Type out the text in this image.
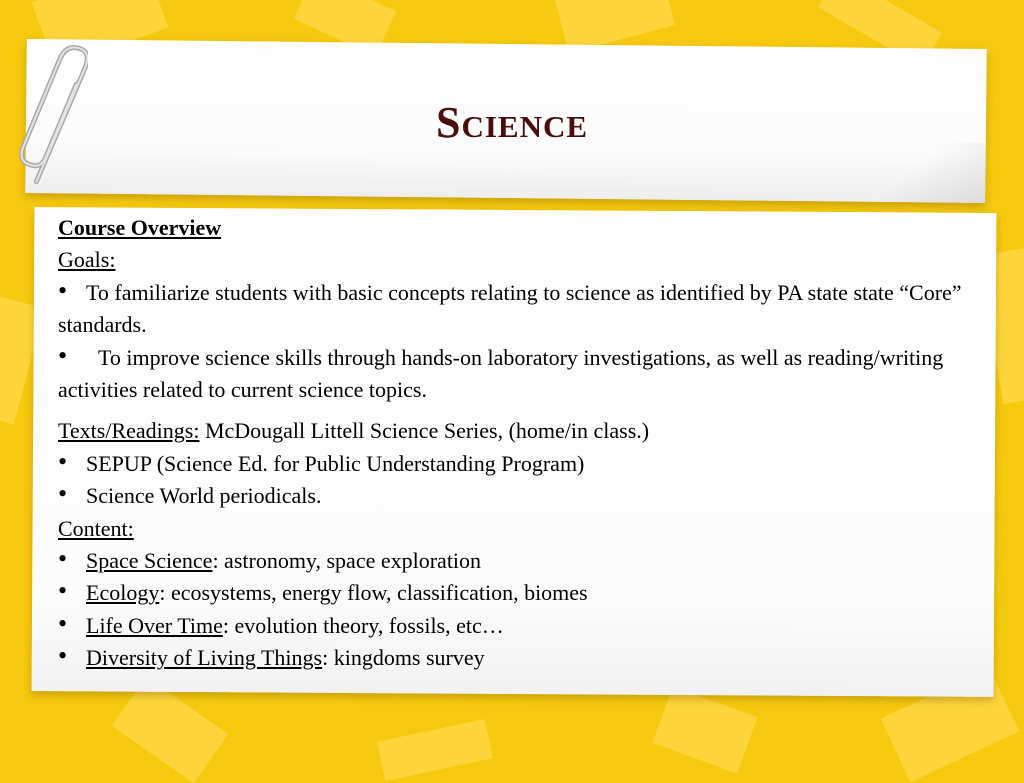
Science

Course Overview

Goals:

• To familiarize students with basic concepts relating to science as identified by PA state state “Core” standards.

• To improve science skills through hands-on laboratory investigations, as well as reading/writing activities related to current science topics.

Texts/Readings: McDougall Littell Science Series, (home/in class.)

• SEPUP (Science Ed. for Public Understanding Program)

• Science World periodicals.

Content:

• Space Science: astronomy, space exploration

• Ecology: ecosystems, energy flow, classification, biomes

• Life Over Time: evolution theory, fossils, etc…

• Diversity of Living Things: kingdoms survey
